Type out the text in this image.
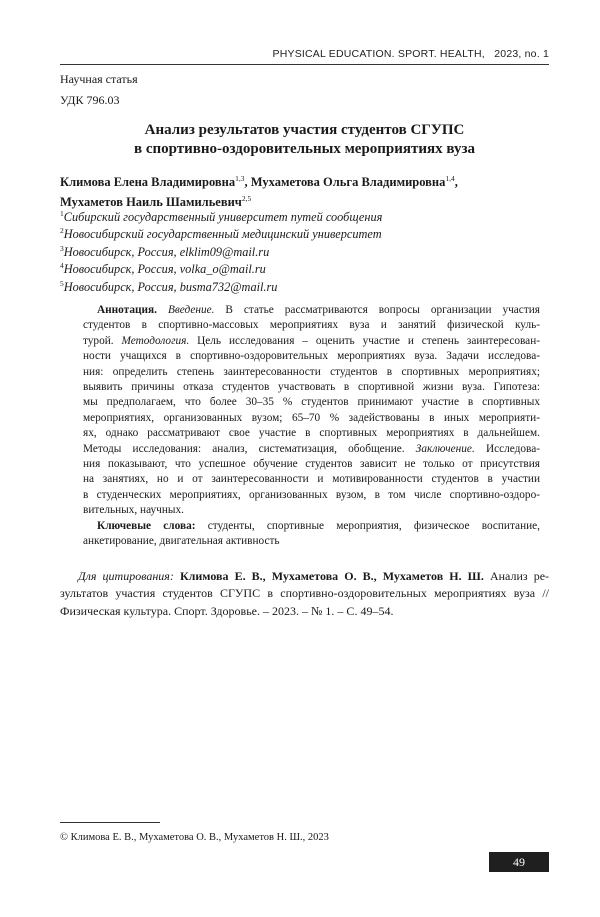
PHYSICAL EDUCATION. SPORT. HEALTH, 2023, no. 1
Научная статья
УДК 796.03
Анализ результатов участия студентов СГУПС
в спортивно-оздоровительных мероприятиях вуза
Климова Елена Владимировна$^{1,3}$, Мухаметова Ольга Владимировна$^{1,4}$,
Мухаметов Наиль Шамильевич$^{2,5}$
$^1$Сибирский государственный университет путей сообщения
$^2$Новосибирский государственный медицинский университет
$^3$Новосибирск, Россия, elklim09@mail.ru
$^4$Новосибирск, Россия, volka_o@mail.ru
$^5$Новосибирск, Россия, busma732@mail.ru
Аннотация. Введение. В статье рассматриваются вопросы организации участия
студентов в спортивно-массовых мероприятиях вуза и занятий физической куль-
турой. Методология. Цель исследования – оценить участие и степень заинтересован-
ности учащихся в спортивно-оздоровительных мероприятиях вуза. Задачи исследова-
ния: определить степень заинтересованности студентов в спортивных мероприятиях;
выявить причины отказа студентов участвовать в спортивной жизни вуза. Гипотеза:
мы предполагаем, что более 30–35 % студентов принимают участие в спортивных
мероприятиях, организованных вузом; 65–70 % задействованы в иных мероприяти-
ях, однако рассматривают свое участие в спортивных мероприятиях в дальнейшем.
Методы исследования: анализ, систематизация, обобщение. Заключение. Исследова-
ния показывают, что успешное обучение студентов зависит не только от присутствия
на занятиях, но и от заинтересованности и мотивированности студентов в участии
в студенческих мероприятиях, организованных вузом, в том числе спортивно-оздоро-
вительных, научных.
Ключевые слова: студенты, спортивные мероприятия, физическое воспитание,
анкетирование, двигательная активность
Для цитирования: Климова Е. В., Мухаметова О. В., Мухаметов Н. Ш. Анализ ре-
зультатов участия студентов СГУПС в спортивно-оздоровительных мероприятиях вуза //
Физическая культура. Спорт. Здоровье. – 2023. – № 1. – С. 49–54.
© Климова Е. В., Мухаметова О. В., Мухаметов Н. Ш., 2023
49
